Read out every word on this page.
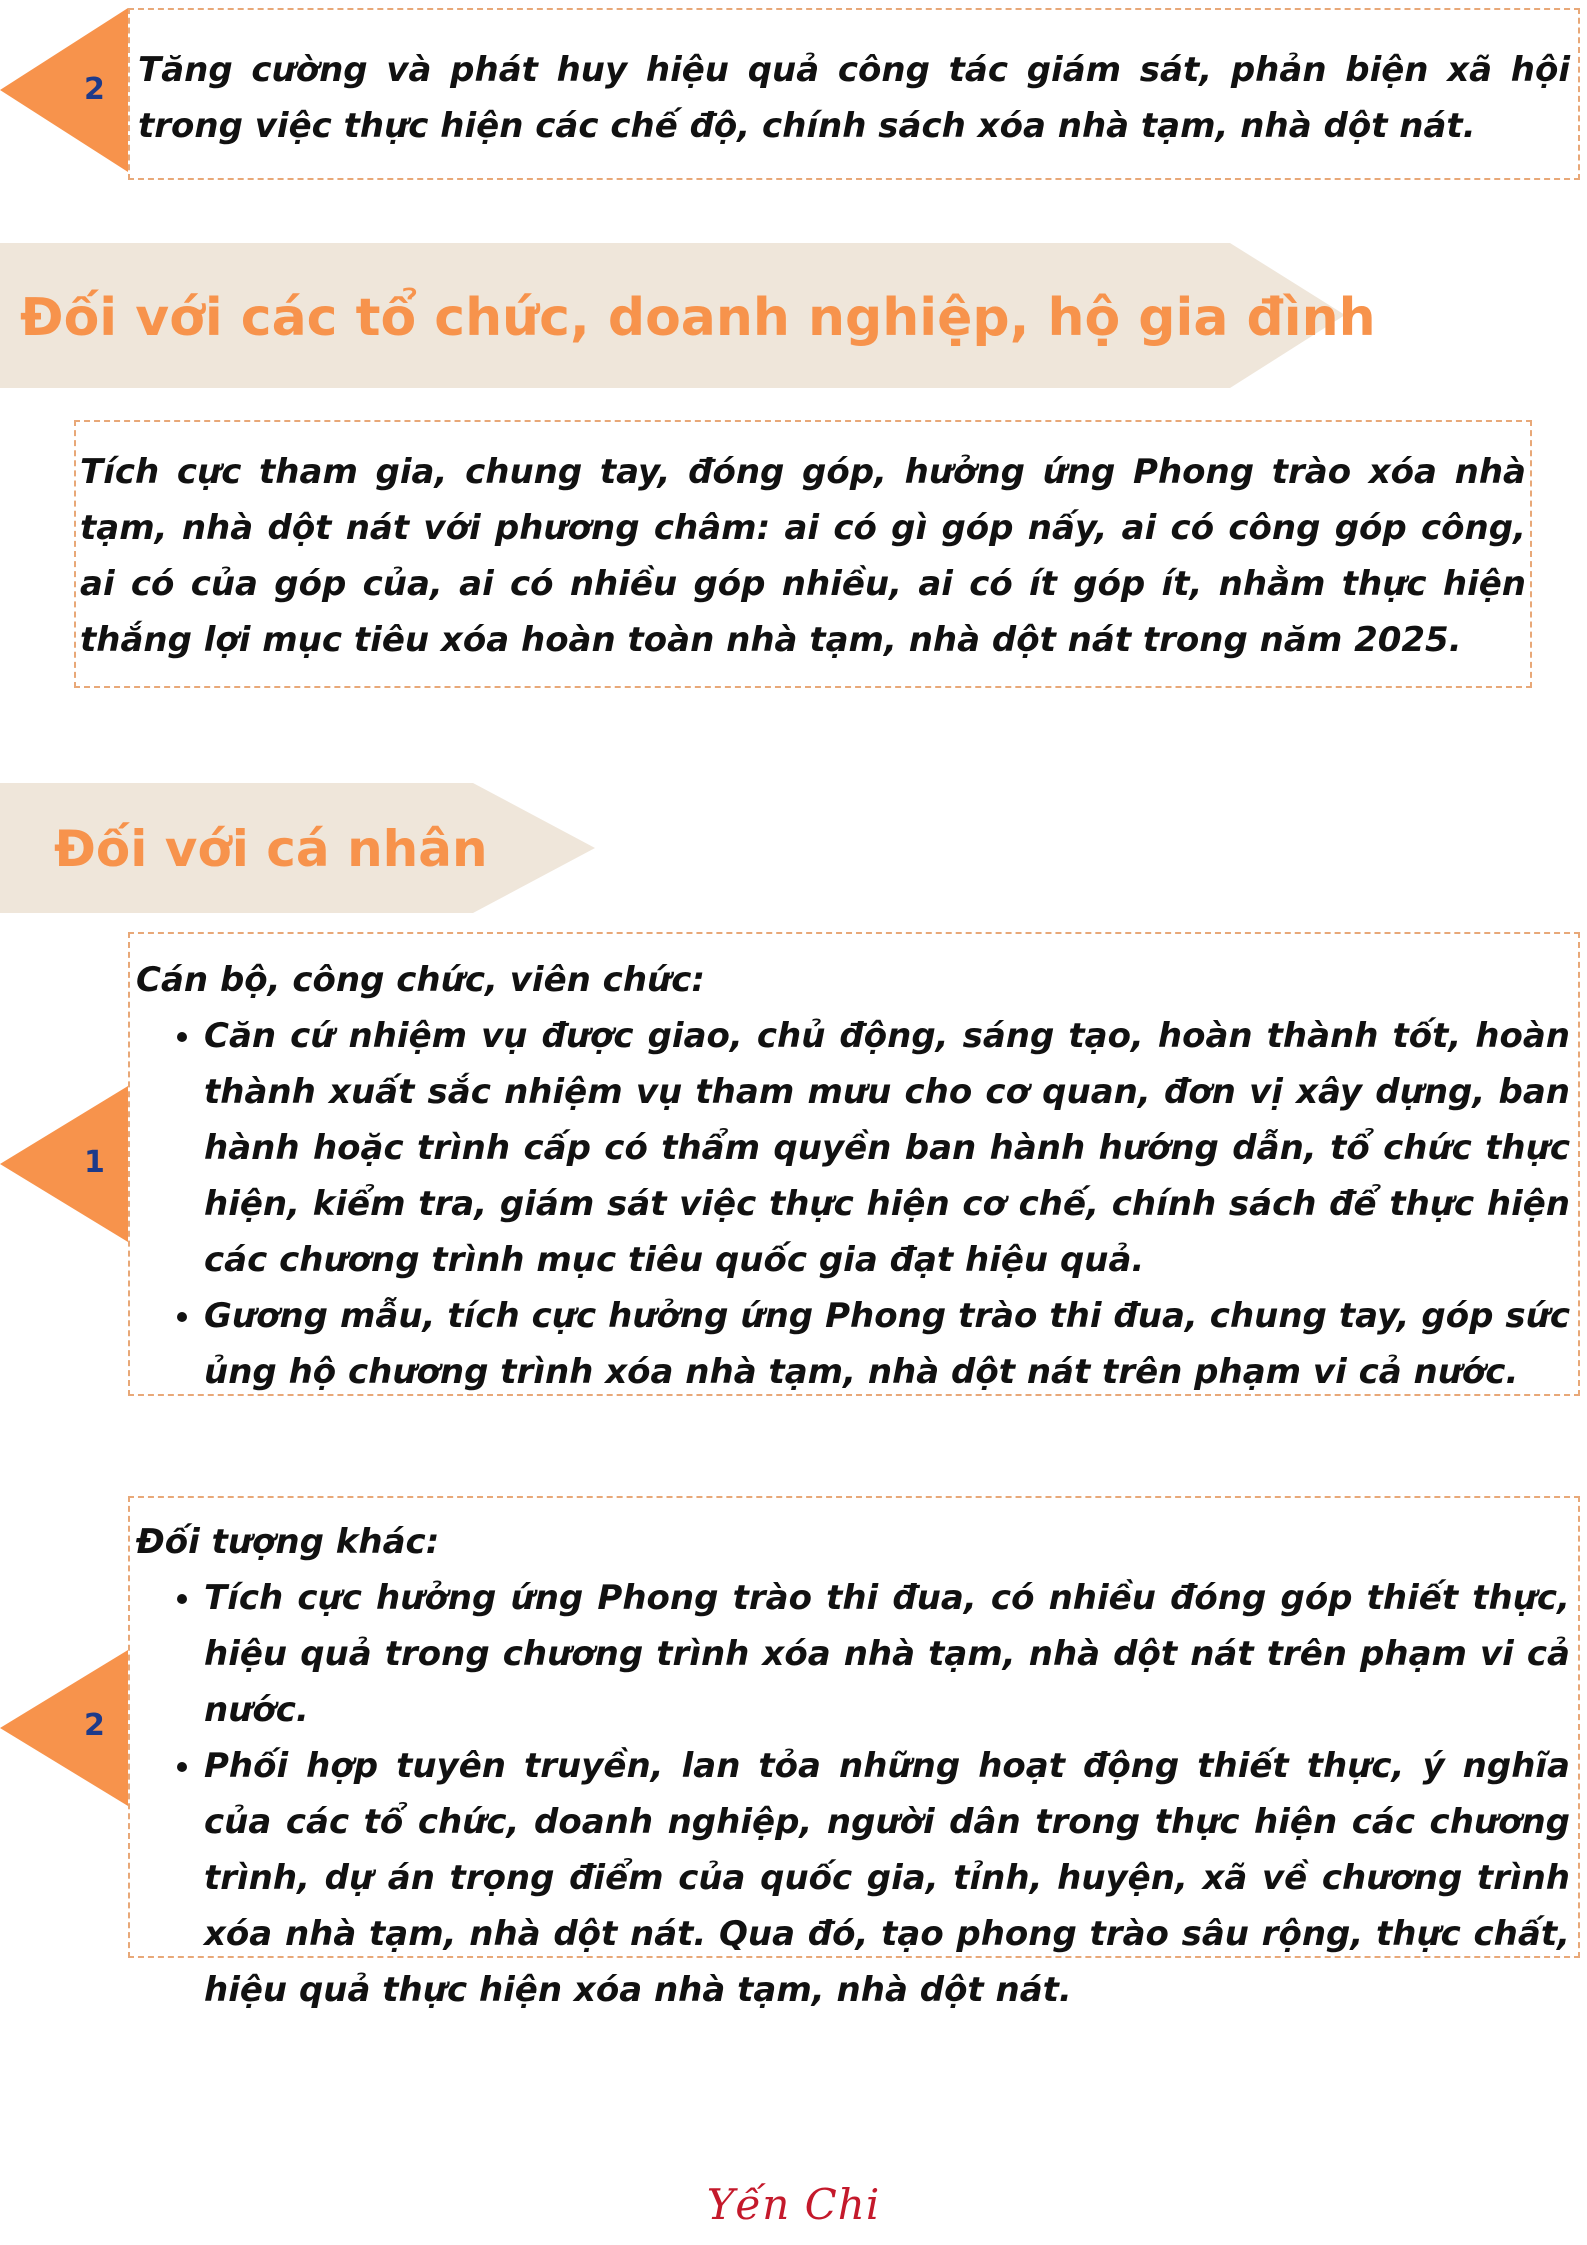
2 Tăng cường và phát huy hiệu quả công tác giám sát, phản biện xã hội trong việc thực hiện các chế độ, chính sách xóa nhà tạm, nhà dột nát.
Đối với các tổ chức, doanh nghiệp, hộ gia đình
Tích cực tham gia, chung tay, đóng góp, hưởng ứng Phong trào xóa nhà tạm, nhà dột nát với phương châm: ai có gì góp nấy, ai có công góp công, ai có của góp của, ai có nhiều góp nhiều, ai có ít góp ít, nhằm thực hiện thắng lợi mục tiêu xóa hoàn toàn nhà tạm, nhà dột nát trong năm 2025.
Đối với cá nhân
1
Cán bộ, công chức, viên chức:
• Căn cứ nhiệm vụ được giao, chủ động, sáng tạo, hoàn thành tốt, hoàn thành xuất sắc nhiệm vụ tham mưu cho cơ quan, đơn vị xây dựng, ban hành hoặc trình cấp có thẩm quyền ban hành hướng dẫn, tổ chức thực hiện, kiểm tra, giám sát việc thực hiện cơ chế, chính sách để thực hiện các chương trình mục tiêu quốc gia đạt hiệu quả.
• Gương mẫu, tích cực hưởng ứng Phong trào thi đua, chung tay, góp sức ủng hộ chương trình xóa nhà tạm, nhà dột nát trên phạm vi cả nước.
2
Đối tượng khác:
• Tích cực hưởng ứng Phong trào thi đua, có nhiều đóng góp thiết thực, hiệu quả trong chương trình xóa nhà tạm, nhà dột nát trên phạm vi cả nước.
• Phối hợp tuyên truyền, lan tỏa những hoạt động thiết thực, ý nghĩa của các tổ chức, doanh nghiệp, người dân trong thực hiện các chương trình, dự án trọng điểm của quốc gia, tỉnh, huyện, xã về chương trình xóa nhà tạm, nhà dột nát. Qua đó, tạo phong trào sâu rộng, thực chất, hiệu quả thực hiện xóa nhà tạm, nhà dột nát.
Yến Chi
